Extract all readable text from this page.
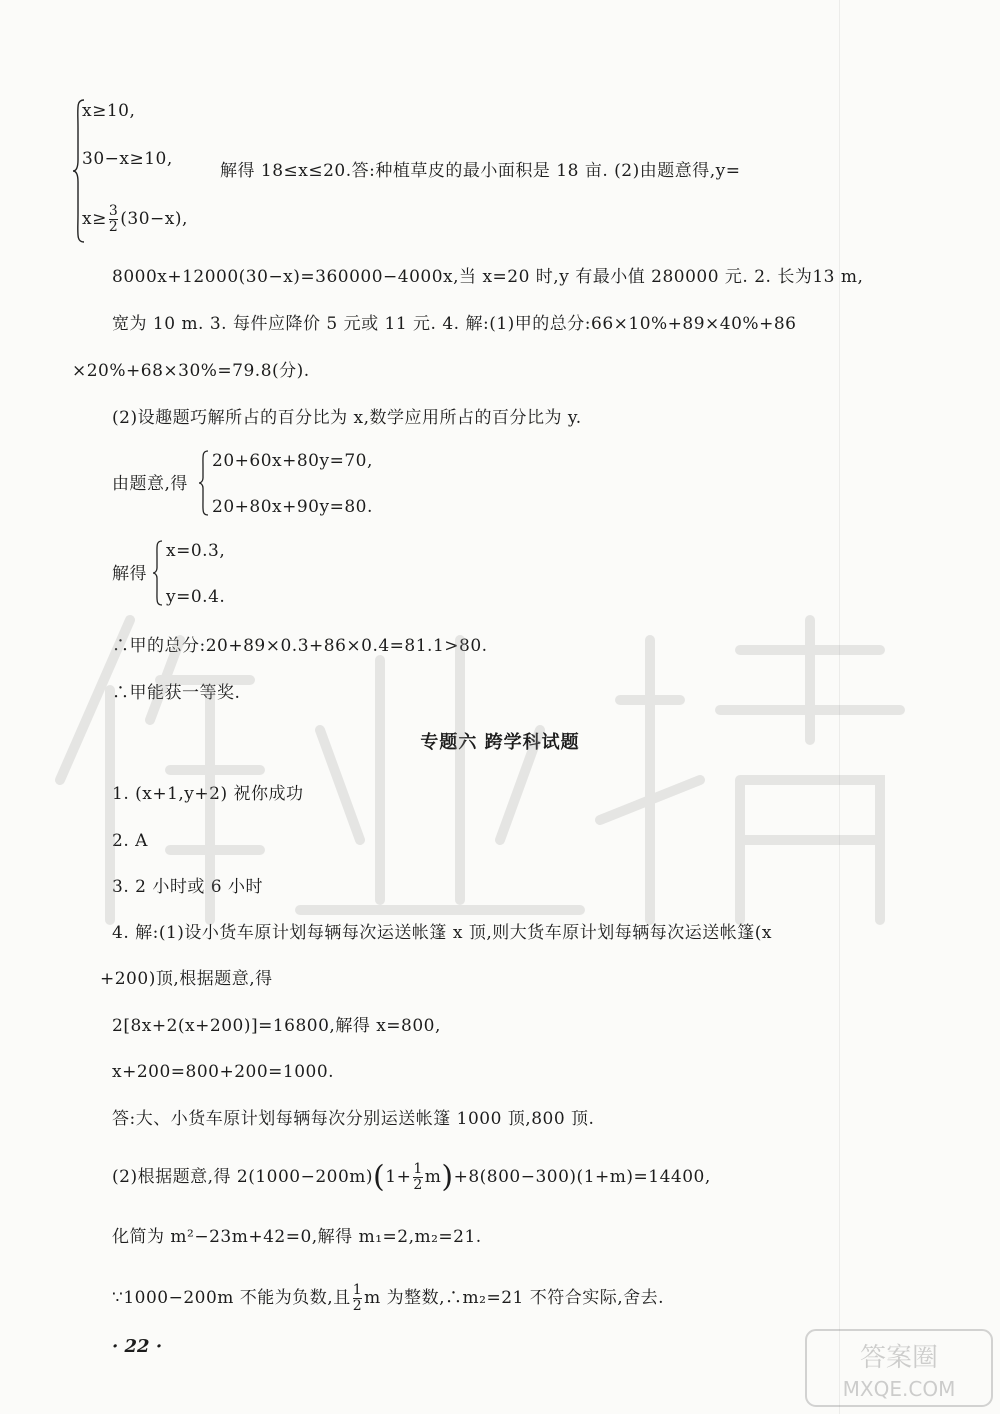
x≥10,
30−x≥10,
$x\ge \frac{3}{2} (30-x)$,
解得 18≤x≤20.答:种植草皮的最小面积是 18 亩. (2)由题意得,y=
8000x+12000(30−x)=360000−4000x,当 x=20 时,y 有最小值 280000 元. 2. 长为13 m,
宽为 10 m. 3. 每件应降价 5 元或 11 元. 4. 解:(1)甲的总分:66×10%+89×40%+86
×20%+68×30%=79.8(分).
(2)设趣题巧解所占的百分比为 x,数学应用所占的百分比为 y.
由题意,得
20+60x+80y=70,
20+80x+90y=80.
解得
x=0.3,
y=0.4.
∴甲的总分:20+89×0.3+86×0.4=81.1>80.
∴甲能获一等奖.
专题六 跨学科试题
1. (x+1,y+2) 祝你成功
2. A
3. 2 小时或 6 小时
4. 解:(1)设小货车原计划每辆每次运送帐篷 x 顶,则大货车原计划每辆每次运送帐篷(x
+200)顶,根据题意,得
2[8x+2(x+200)]=16800,解得 x=800,
x+200=800+200=1000.
答:大、小货车原计划每辆每次分别运送帐篷 1000 顶,800 顶.
(2)根据题意,得 $2(1000-200m)(1+ \frac{1}{2} m)+8(800-300)(1+m)=14400$,
化简为 m²−23m+42=0,解得 m₁=2,m₂=21.
∵1000−200m 不能为负数,且 $\frac{1}{2}$ m 为整数,∴m₂=21 不符合实际,舍去.
· 22 ·	答案圈
MXQE.COM
